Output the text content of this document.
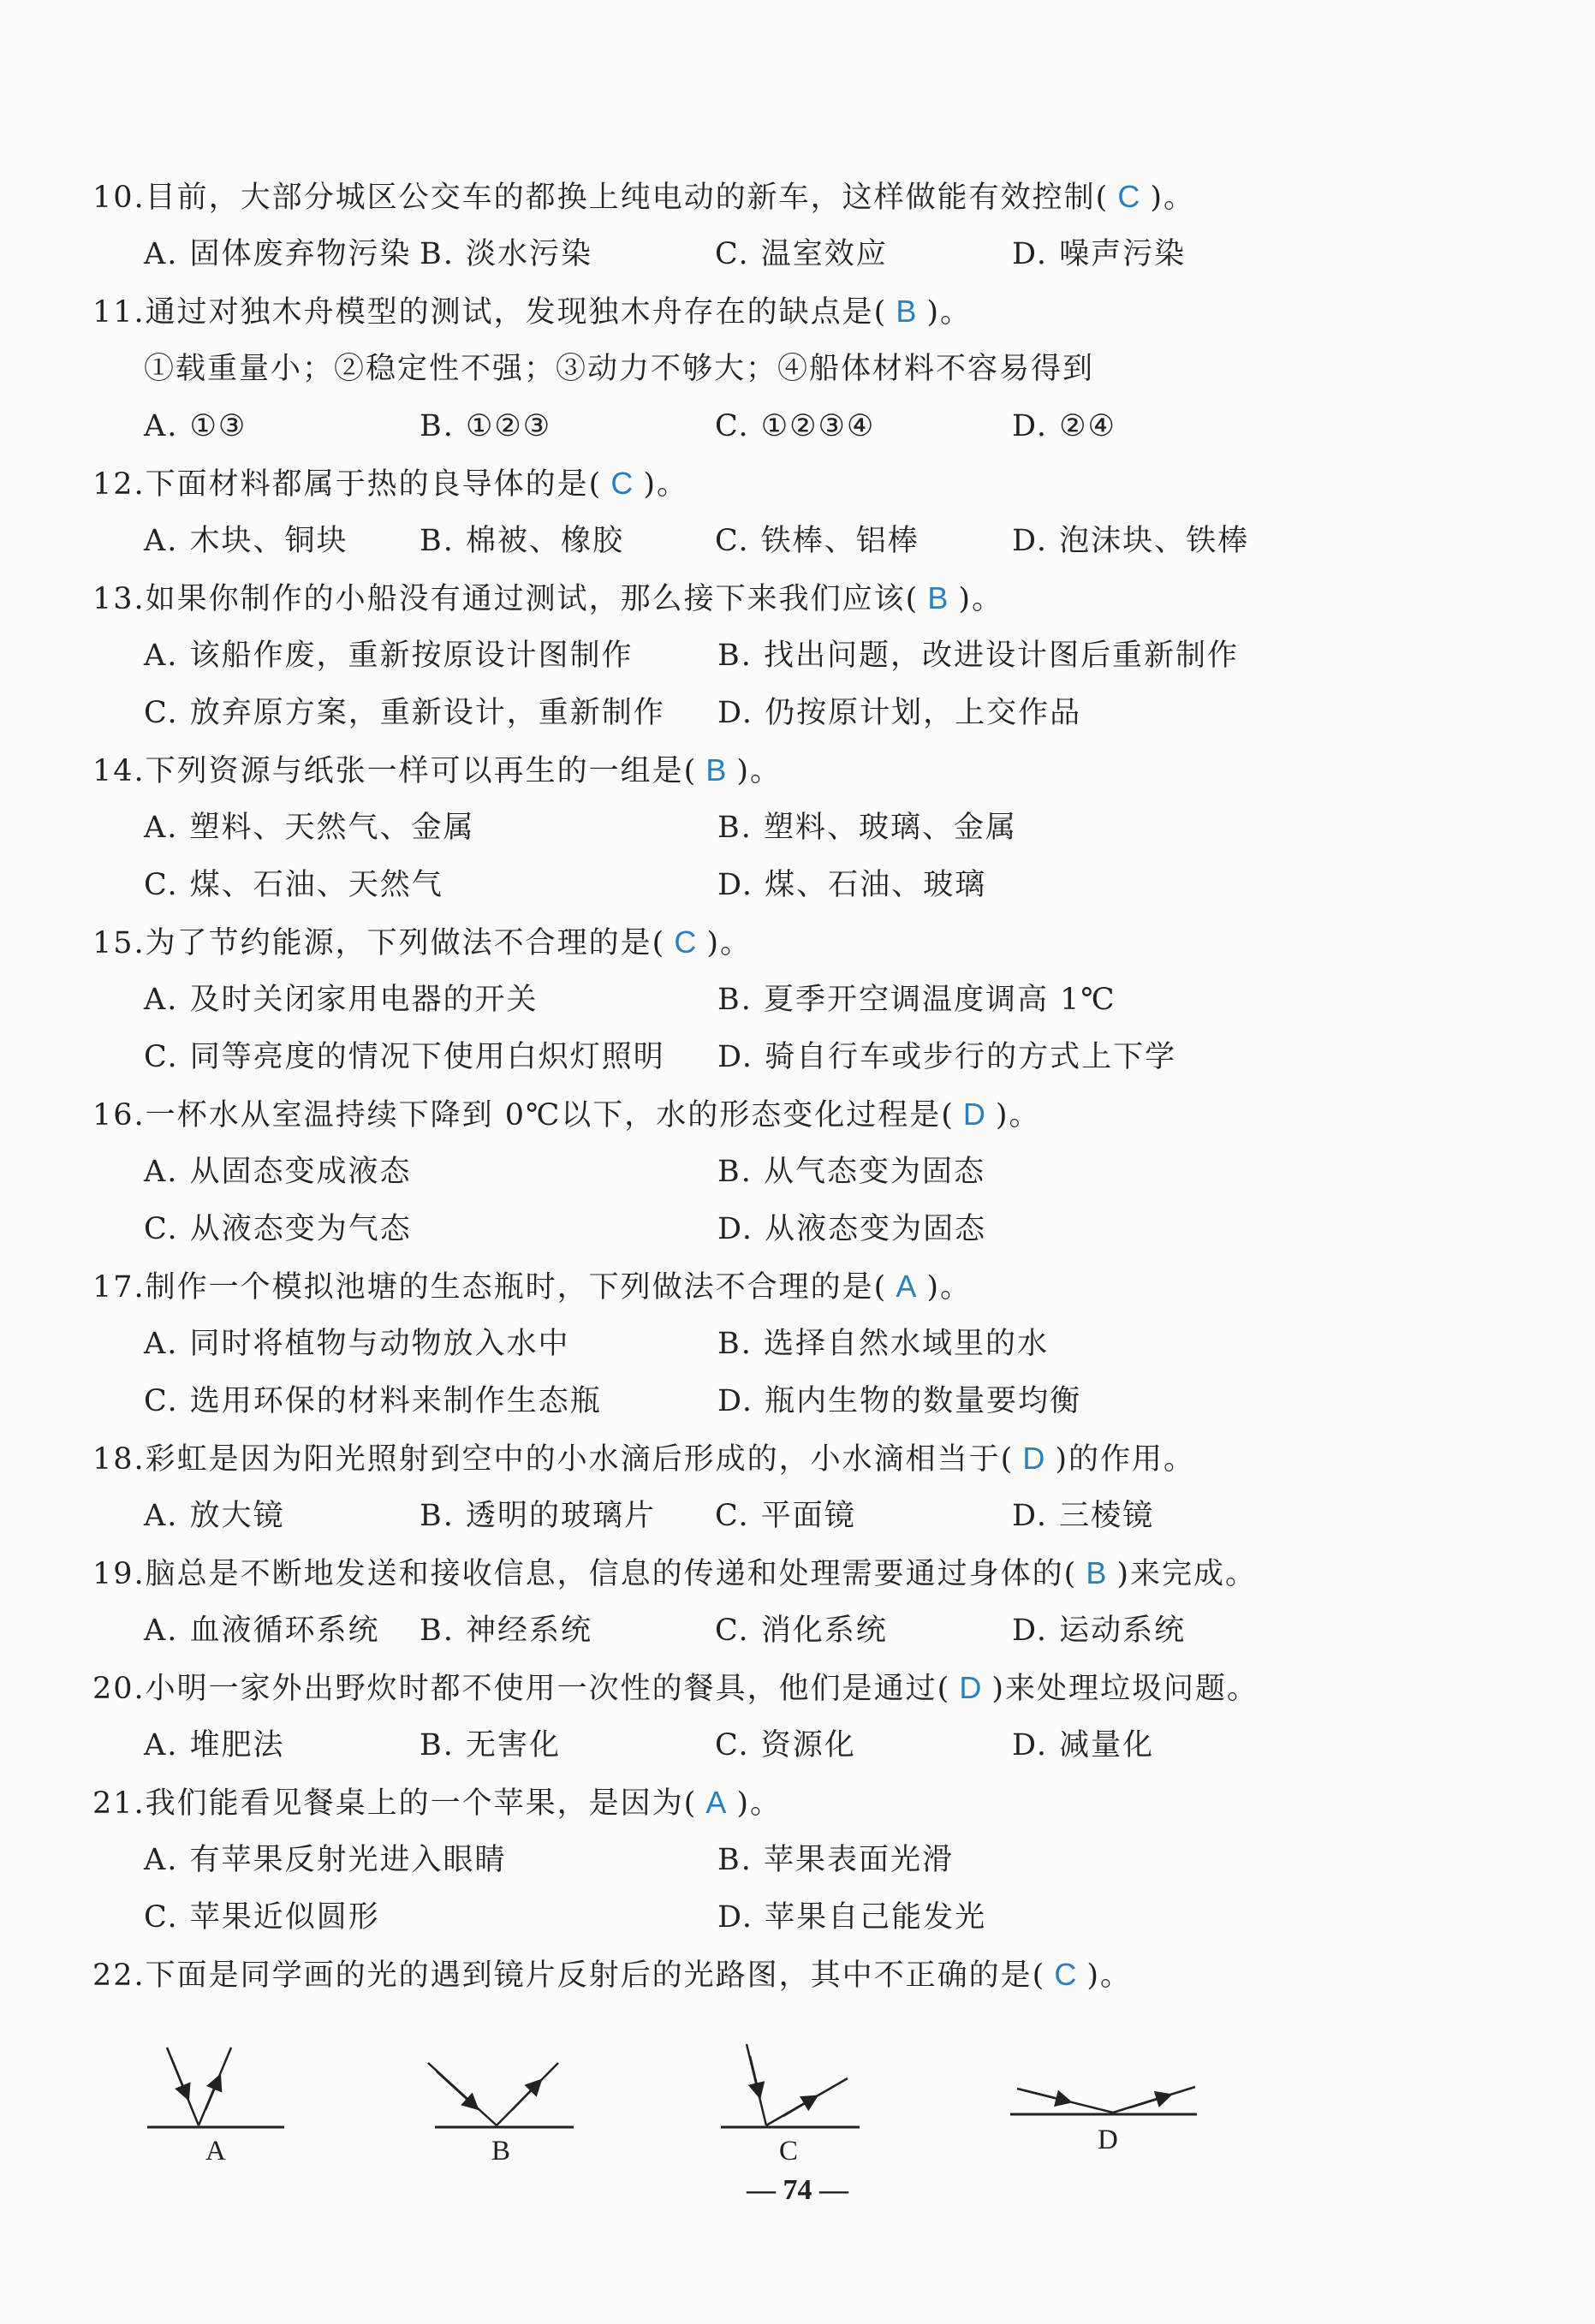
10.目前，大部分城区公交车的都换上纯电动的新车，这样做能有效控制( C )。
A. 固体废弃物污染 B. 淡水污染	C. 温室效应	D. 噪声污染
11.通过对独木舟模型的测试，发现独木舟存在的缺点是( B )。
①载重量小；②稳定性不强；③动力不够大；④船体材料不容易得到
A. ①③	B. ①②③	C. ①②③④	D. ②④
12.下面材料都属于热的良导体的是( C )。
A. 木块、铜块 B. 棉被、橡胶	C. 铁棒、铝棒	D. 泡沫块、铁棒
13.如果你制作的小船没有通过测试，那么接下来我们应该( B )。
A. 该船作废，重新按原设计图制作	B. 找出问题，改进设计图后重新制作
C. 放弃原方案，重新设计，重新制作 D. 仍按原计划，上交作品
14.下列资源与纸张一样可以再生的一组是( B )。
A. 塑料、天然气、金属	B. 塑料、玻璃、金属
C. 煤、石油、天然气	D. 煤、石油、玻璃
15.为了节约能源，下列做法不合理的是( C )。
A. 及时关闭家用电器的开关	B. 夏季开空调温度调高 1℃
C. 同等亮度的情况下使用白炽灯照明 D. 骑自行车或步行的方式上下学
16.一杯水从室温持续下降到 0℃以下，水的形态变化过程是( D )。
A. 从固态变成液态	B. 从气态变为固态
C. 从液态变为气态	D. 从液态变为固态
17.制作一个模拟池塘的生态瓶时，下列做法不合理的是( A )。
A. 同时将植物与动物放入水中	B. 选择自然水域里的水
C. 选用环保的材料来制作生态瓶	D. 瓶内生物的数量要均衡
18.彩虹是因为阳光照射到空中的小水滴后形成的，小水滴相当于( D )的作用。
A. 放大镜	B. 透明的玻璃片 C. 平面镜	D. 三棱镜
19.脑总是不断地发送和接收信息，信息的传递和处理需要通过身体的( B )来完成。
A. 血液循环系统 B. 神经系统	C. 消化系统	D. 运动系统
20.小明一家外出野炊时都不使用一次性的餐具，他们是通过( D )来处理垃圾问题。
A. 堆肥法	B. 无害化	C. 资源化	D. 减量化
21.我们能看见餐桌上的一个苹果，是因为( A )。
A. 有苹果反射光进入眼睛	B. 苹果表面光滑
C. 苹果近似圆形	D. 苹果自己能发光
22.下面是同学画的光的遇到镜片反射后的光路图，其中不正确的是( C )。
A	B	C	D
— 74 —
